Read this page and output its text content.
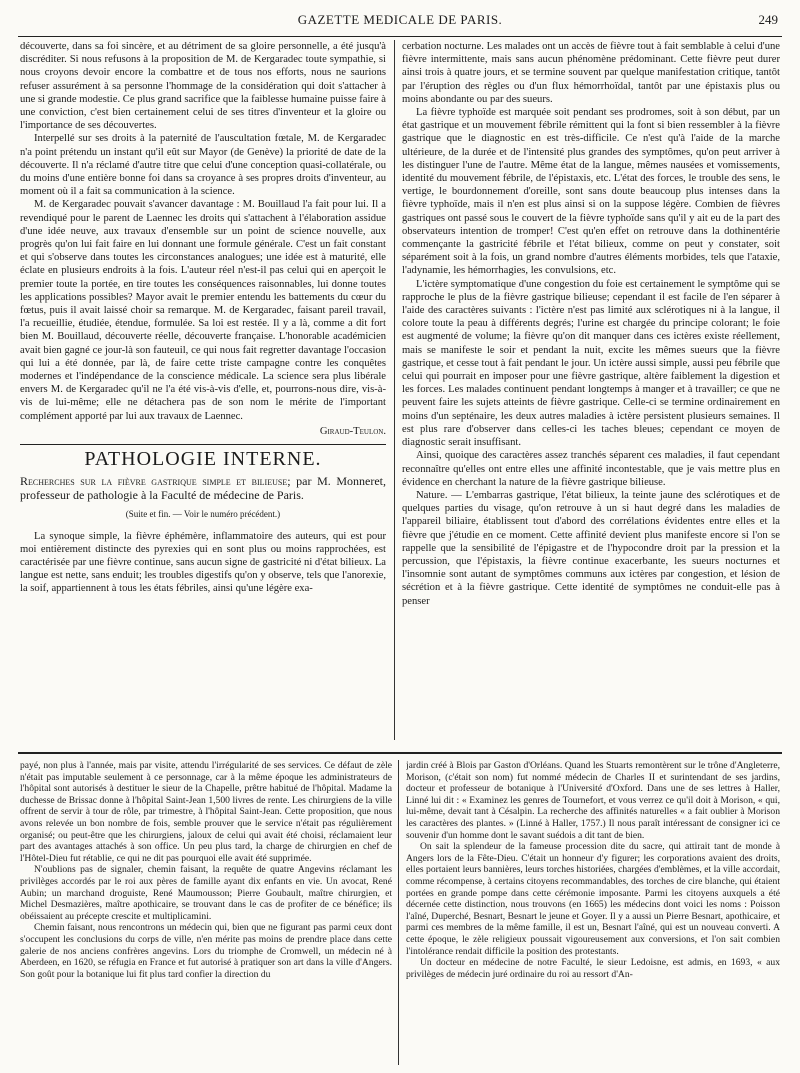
GAZETTE MEDICALE DE PARIS.	249

découverte, dans sa foi sincère, et au détriment de sa gloire personnelle, a été jusqu'à discréditer. Si nous refusons à la proposition de M. de Kergaradec toute sympathie, si nous croyons devoir encore la combattre et de tous nos efforts, nous ne saurions refuser assurément à sa personne l'hommage de la considération qui doit s'attacher à une si grande modestie. Ce plus grand sacrifice que la faiblesse humaine puisse faire à une conviction, c'est bien certainement celui de ses titres d'inventeur et la gloire ou l'importance de ses découvertes.

Interpellé sur ses droits à la paternité de l'auscultation fœtale, M. de Kergaradec n'a point prétendu un instant qu'il eût sur Mayor (de Genève) la priorité de date de la découverte. Il n'a réclamé d'autre titre que celui d'une conception quasi-collatérale, ou du moins d'une entière bonne foi dans sa croyance à ses propres droits d'inventeur, au moment où il a fait sa communication à la science.

M. de Kergaradec pouvait s'avancer davantage : M. Bouillaud l'a fait pour lui. Il a revendiqué pour le parent de Laennec les droits qui s'attachent à l'élaboration assidue d'une idée neuve, aux travaux d'ensemble sur un point de science nouvelle, aux progrès qu'on lui fait faire en lui donnant une formule générale. C'est un fait constant et qui s'observe dans toutes les circonstances analogues; une idée est à maturité, elle éclate en plusieurs endroits à la fois. L'auteur réel n'est-il pas celui qui en aperçoit le premier toute la portée, en tire toutes les conséquences raisonnables, lui donne toutes les applications possibles? Mayor avait le premier entendu les battements du cœur du fœtus, puis il avait laissé choir sa remarque. M. de Kergaradec, faisant pareil travail, l'a recueillie, étudiée, étendue, formulée. Sa loi est restée. Il y a là, comme a dit fort bien M. Bouillaud, découverte réelle, découverte française. L'honorable académicien avait bien gagné ce jour-là son fauteuil, ce qui nous fait regretter davantage l'occasion qui lui a été donnée, par là, de faire cette triste campagne contre les conquêtes modernes et l'indépendance de la conscience médicale. La science sera plus libérale envers M. de Kergaradec qu'il ne l'a été vis-à-vis d'elle, et, pourrons-nous dire, vis-à-vis de lui-même; elle ne détachera pas de son nom le mérite de l'important complément apporté par lui aux travaux de Laennec.

Giraud-Teulon.
PATHOLOGIE INTERNE.
Recherches sur la fièvre gastrique simple et bilieuse; par M. Monneret, professeur de pathologie à la Faculté de médecine de Paris.
(Suite et fin. — Voir le numéro précédent.)

La synoque simple, la fièvre éphémère, inflammatoire des auteurs, qui est pour moi entièrement distincte des pyrexies qui en sont plus ou moins rapprochées, est caractérisée par une fièvre continue, sans aucun signe de gastricité ni d'état bilieux. La langue est nette, sans enduit; les troubles digestifs qu'on y observe, tels que l'anorexie, la soif, appartiennent à tous les états fébriles, ainsi qu'une légère exa-

cerbation nocturne. Les malades ont un accès de fièvre tout à fait semblable à celui d'une fièvre intermittente, mais sans aucun phénomène prédominant. Cette fièvre peut durer ainsi trois à quatre jours, et se termine souvent par quelque manifestation critique, tantôt par l'éruption des règles ou d'un flux hémorrhoïdal, tantôt par une épistaxis plus ou moins abondante ou par des sueurs.

La fièvre typhoïde est marquée soit pendant ses prodromes, soit à son début, par un état gastrique et un mouvement fébrile rémittent qui la font si bien ressembler à la fièvre gastrique que le diagnostic en est très-difficile. Ce n'est qu'à l'aide de la marche ultérieure, de la durée et de l'intensité plus grandes des symptômes, qu'on peut arriver à les distinguer l'une de l'autre. Même état de la langue, mêmes nausées et vomissements, identité du mouvement fébrile, de l'épistaxis, etc. L'état des forces, le trouble des sens, le vertige, le bourdonnement d'oreille, sont sans doute beaucoup plus intenses dans la fièvre typhoïde, mais il n'en est plus ainsi si on la suppose légère. Combien de fièvres gastriques ont passé sous le couvert de la fièvre typhoïde sans qu'il y ait eu de la part des observateurs intention de tromper! C'est qu'en effet on retrouve dans la dothinentérie commençante la gastricité fébrile et l'état bilieux, comme on peut y constater, soit séparément soit à la fois, un grand nombre d'autres éléments morbides, tels que l'ataxie, l'adynamie, les hémorrhagies, les convulsions, etc.

L'ictère symptomatique d'une congestion du foie est certainement le symptôme qui se rapproche le plus de la fièvre gastrique bilieuse; cependant il est facile de l'en séparer à l'aide des caractères suivants : l'ictère n'est pas limité aux sclérotiques ni à la langue, il colore toute la peau à différents degrés; l'urine est chargée du principe colorant; le foie est augmenté de volume; la fièvre qu'on dit manquer dans ces ictères existe réellement, mais se manifeste le soir et pendant la nuit, excite les mêmes sueurs que la fièvre gastrique, et cesse tout à fait pendant le jour. Un ictère aussi simple, aussi peu fébrile que celui qui pourrait en imposer pour une fièvre gastrique, altère faiblement la digestion et les forces. Les malades continuent pendant longtemps à manger et à travailler; ce que ne peuvent faire les sujets atteints de fièvre gastrique. Celle-ci se termine ordinairement en moins d'un septénaire, les deux autres maladies à ictère persistent plusieurs semaines. Il est plus rare d'observer dans celles-ci les taches bleues; cependant ce moyen de diagnostic serait insuffisant.

Ainsi, quoique des caractères assez tranchés séparent ces maladies, il faut cependant reconnaître qu'elles ont entre elles une affinité incontestable, que je vais mettre plus en évidence en cherchant la nature de la fièvre gastrique bilieuse.

Nature. — L'embarras gastrique, l'état bilieux, la teinte jaune des sclérotiques et de quelques parties du visage, qu'on retrouve à un si haut degré dans les maladies de l'appareil biliaire, établissent tout d'abord des corrélations évidentes entre elles et la fièvre que j'étudie en ce moment. Cette affinité devient plus manifeste encore si l'on se rappelle que la sensibilité de l'épigastre et de l'hypocondre droit par la pression et la percussion, que l'épistaxis, la fièvre continue exacerbante, les sueurs nocturnes et l'insomnie sont autant de symptômes communs aux ictères par congestion, et lésion de sécrétion et à la fièvre gastrique. Cette identité de symptômes ne conduit-elle pas à penser

payé, non plus à l'année, mais par visite, attendu l'irrégularité de ses services. Ce défaut de zèle n'était pas imputable seulement à ce personnage, car à la même époque les administrateurs de l'hôpital sont autorisés à destituer le sieur de la Chapelle, prêtre habitué de l'hôpital. Madame la duchesse de Brissac donne à l'hôpital Saint-Jean 1,500 livres de rente. Les chirurgiens de la ville offrent de servir à tour de rôle, par trimestre, à l'hôpital Saint-Jean. Cette proposition, que nous avons relevée un bon nombre de fois, semble prouver que le service n'était pas régulièrement organisé; ou peut-être que les chirurgiens, jaloux de celui qui avait été choisi, réclamaient leur part des avantages attachés à son office. Un peu plus tard, la charge de chirurgien en chef de l'Hôtel-Dieu fut rétablie, ce qui ne dit pas pourquoi elle avait été supprimée.

N'oublions pas de signaler, chemin faisant, la requête de quatre Angevins réclamant les privilèges accordés par le roi aux pères de famille ayant dix enfants en vie. Un avocat, René Aubin; un marchand droguiste, René Maumousson; Pierre Goubault, maître chirurgien, et Michel Desmazières, maître apothicaire, se trouvant dans le cas de profiter de ce bénéfice; ils obéissaient au précepte crescite et multiplicamini.

Chemin faisant, nous rencontrons un médecin qui, bien que ne figurant pas parmi ceux dont s'occupent les conclusions du corps de ville, n'en mérite pas moins de prendre place dans cette galerie de nos anciens confrères angevins. Lors du triomphe de Cromwell, un médecin né à Aberdeen, en 1620, se réfugia en France et fut autorisé à pratiquer son art dans la ville d'Angers. Son goût pour la botanique lui fit plus tard confier la direction du

jardin créé à Blois par Gaston d'Orléans. Quand les Stuarts remontèrent sur le trône d'Angleterre, Morison, (c'était son nom) fut nommé médecin de Charles II et surintendant de ses jardins, docteur et professeur de botanique à l'Université d'Oxford. Dans une de ses lettres à Haller, Linné lui dit : « Examinez les genres de Tournefort, et vous verrez ce qu'il doit à Morison, « qui, lui-même, devait tant à Césalpin. La recherche des affinités naturelles « a fait oublier à Morison les caractères des plantes. » (Linné à Haller, 1757.) Il nous paraît intéressant de consigner ici ce souvenir d'un homme dont le savant suédois a dit tant de bien.

On sait la splendeur de la fameuse procession dite du sacre, qui attirait tant de monde à Angers lors de la Fête-Dieu. C'était un honneur d'y figurer; les corporations avaient des droits, elles portaient leurs bannières, leurs torches historiées, chargées d'emblèmes, et la ville accordait, comme récompense, à certains citoyens recommandables, des torches de cire blanche, qui étaient portées en grande pompe dans cette cérémonie imposante. Parmi les citoyens auxquels a été décernée cette distinction, nous trouvons (en 1665) les médecins dont voici les noms : Poisson l'aîné, Duperché, Besnart, Besnart le jeune et Goyer. Il y a aussi un Pierre Besnart, apothicaire, et parmi ces membres de la même famille, il est un, Besnart l'aîné, qui est un nouveau converti. A cette époque, le zèle religieux poussait vigoureusement aux conversions, et l'on sait combien l'intolérance rendait difficile la position des protestants.

Un docteur en médecine de notre Faculté, le sieur Ledoisne, est admis, en 1693, « aux privilèges de médecin juré ordinaire du roi au ressort d'An-
